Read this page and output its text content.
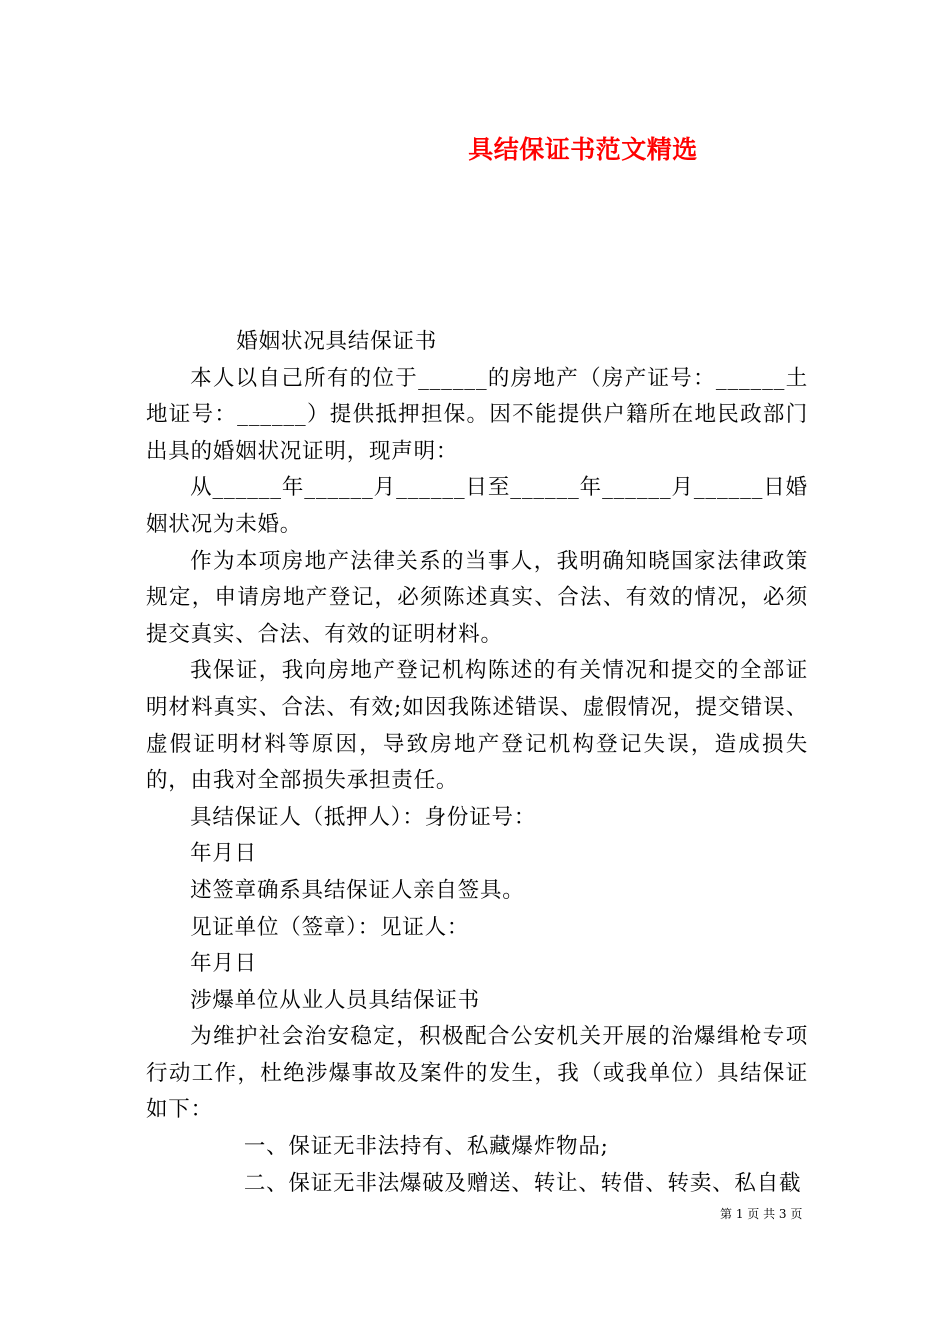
具结保证书范文精选

婚姻状况具结保证书

本人以自己所有的位于______的房地产（房产证号：______土地证号：______）提供抵押担保。因不能提供户籍所在地民政部门出具的婚姻状况证明，现声明：

从______年______月______日至______年______月______日婚姻状况为未婚。

作为本项房地产法律关系的当事人，我明确知晓国家法律政策规定，申请房地产登记，必须陈述真实、合法、有效的情况，必须提交真实、合法、有效的证明材料。

我保证，我向房地产登记机构陈述的有关情况和提交的全部证明材料真实、合法、有效;如因我陈述错误、虚假情况，提交错误、虚假证明材料等原因，导致房地产登记机构登记失误，造成损失的，由我对全部损失承担责任。

具结保证人（抵押人）：身份证号：

年月日

述签章确系具结保证人亲自签具。

见证单位（签章）：见证人：

年月日

涉爆单位从业人员具结保证书

为维护社会治安稳定，积极配合公安机关开展的治爆缉枪专项行动工作，杜绝涉爆事故及案件的发生，我（或我单位）具结保证如下：

一、保证无非法持有、私藏爆炸物品;

二、保证无非法爆破及赠送、转让、转借、转卖、私自截

第 1 页 共 3 页
